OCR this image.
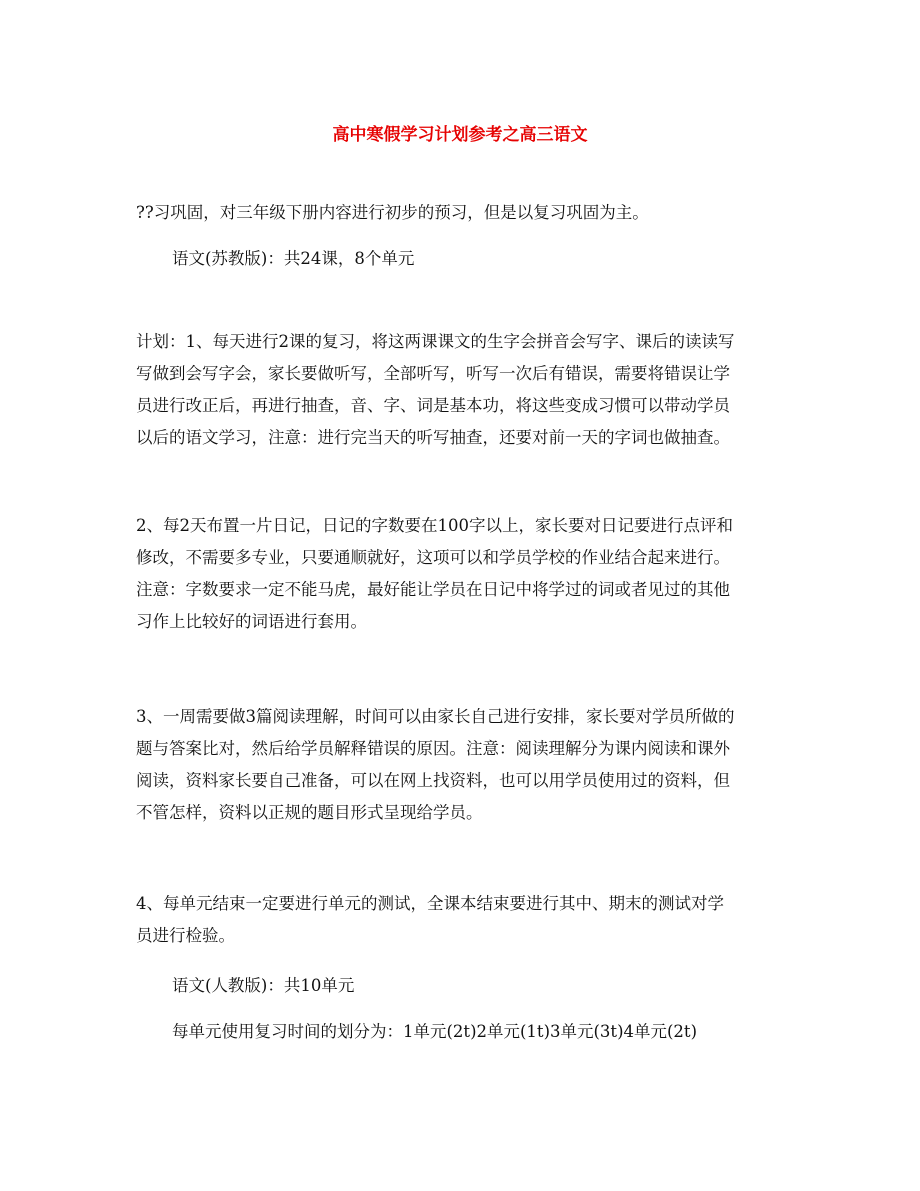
高中寒假学习计划参考之高三语文

??习巩固，对三年级下册内容进行初步的预习，但是以复习巩固为主。

语文(苏教版)：共24课，8个单元

计划：1、每天进行2课的复习，将这两课课文的生字会拼音会写字、课后的读读写
写做到会写字会，家长要做听写，全部听写，听写一次后有错误，需要将错误让学
员进行改正后，再进行抽查，音、字、词是基本功，将这些变成习惯可以带动学员
以后的语文学习，注意：进行完当天的听写抽查，还要对前一天的字词也做抽查。

2、每2天布置一片日记，日记的字数要在100字以上，家长要对日记要进行点评和
修改，不需要多专业，只要通顺就好，这项可以和学员学校的作业结合起来进行。
注意：字数要求一定不能马虎，最好能让学员在日记中将学过的词或者见过的其他
习作上比较好的词语进行套用。

3、一周需要做3篇阅读理解，时间可以由家长自己进行安排，家长要对学员所做的
题与答案比对，然后给学员解释错误的原因。注意：阅读理解分为课内阅读和课外
阅读，资料家长要自己准备，可以在网上找资料，也可以用学员使用过的资料，但
不管怎样，资料以正规的题目形式呈现给学员。

4、每单元结束一定要进行单元的测试，全课本结束要进行其中、期末的测试对学
员进行检验。

语文(人教版)：共10单元

每单元使用复习时间的划分为：1单元(2t)2单元(1t)3单元(3t)4单元(2t)
